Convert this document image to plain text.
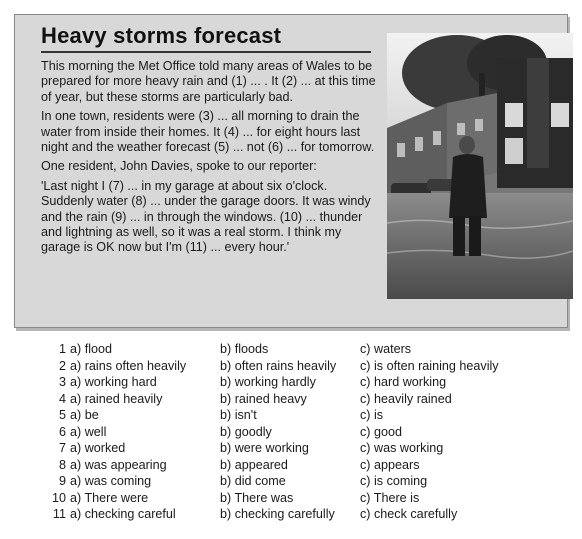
Heavy storms forecast

This morning the Met Office told many areas of Wales to be prepared for more heavy rain and (1) ... . It (2) ... at this time of year, but these storms are particularly bad.

In one town, residents were (3) ... all morning to drain the water from inside their homes. It (4) ... for eight hours last night and the weather forecast (5) ... not (6) ... for tomorrow.

One resident, John Davies, spoke to our reporter:

'Last night I (7) ... in my garage at about six o'clock. Suddenly water (8) ... under the garage doors. It was windy and the rain (9) ... in through the windows. (10) ... thunder and lightning as well, so it was a real storm. I think my garage is OK now but I'm (11) ... every hour.'

1 a) flood	b) floods	c) waters
2 a) rains often heavily	b) often rains heavily	c) is often raining heavily
3 a) working hard	b) working hardly	c) hard working
4 a) rained heavily	b) rained heavy	c) heavily rained
5 a) be	b) isn't	c) is
6 a) well	b) goodly	c) good
7 a) worked	b) were working	c) was working
8 a) was appearing	b) appeared	c) appears
9 a) was coming	b) did come	c) is coming
10 a) There were	b) There was	c) There is
11 a) checking careful	b) checking carefully	c) check carefully
